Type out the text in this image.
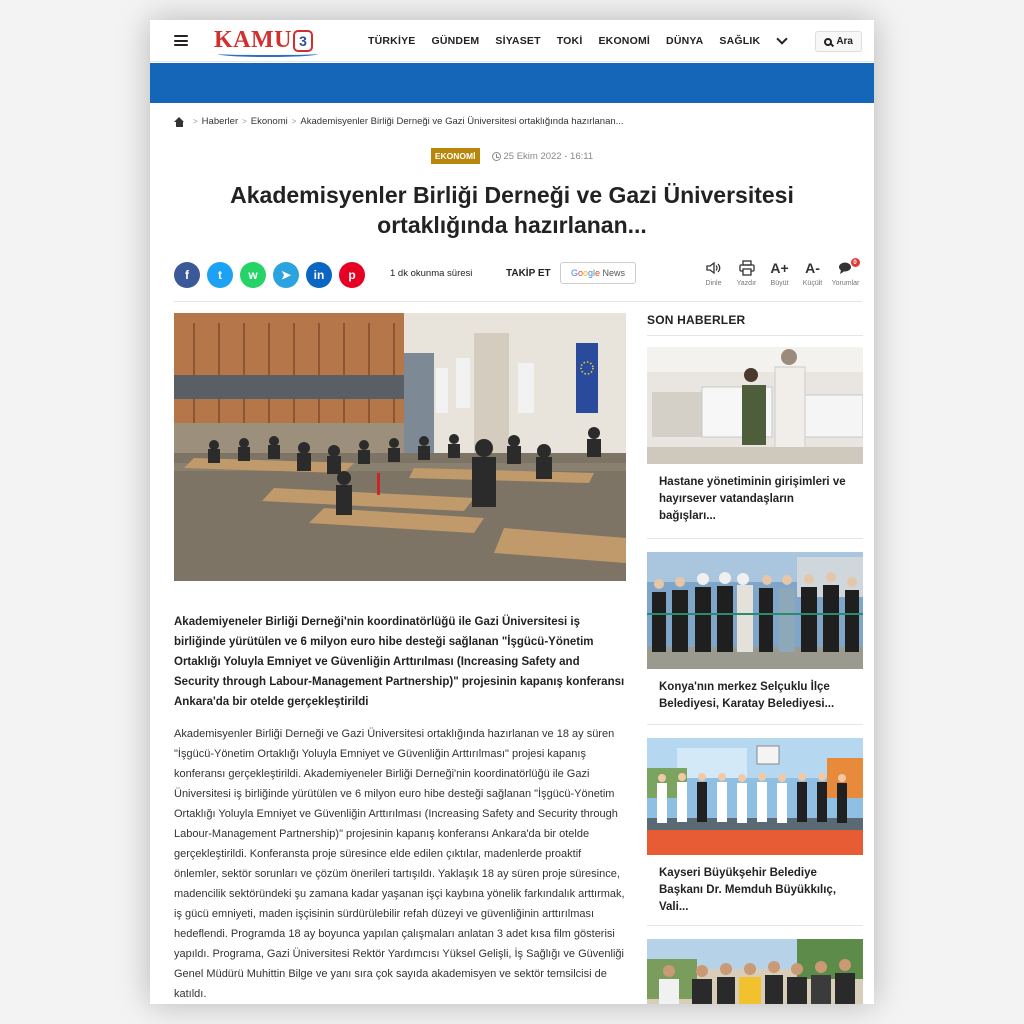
KAMU 3	TÜRKİYE GÜNDEM SİYASET TOKİ EKONOMİ DÜNYA SAĞLIK	Ara
> Haberler > Ekonomi > Akademisyenler Birliği Derneği ve Gazi Üniversitesi ortaklığında hazırlanan...
EKONOMİ	25 Ekim 2022 - 16:11
Akademisyenler Birliği Derneği ve Gazi Üniversitesi ortaklığında hazırlanan...
f	t	w	➤	in	p	1 dk okunma süresi	TAKİP ET G o o g l e News
Dinle Yazdır
A+
Büyüt
A-
Küçült
0
Yorumlar

Akademiyeneler Birliği Derneği'nin koordinatörlüğü ile Gazi Üniversitesi iş birliğinde yürütülen ve 6 milyon euro hibe desteği sağlanan "İşgücü-Yönetim Ortaklığı Yoluyla Emniyet ve Güvenliğin Arttırılması (Increasing Safety and Security through Labour-Management Partnership)" projesinin kapanış konferansı Ankara'da bir otelde gerçekleştirildi

Akademisyenler Birliği Derneği ve Gazi Üniversitesi ortaklığında hazırlanan ve 18 ay süren "İşgücü-Yönetim Ortaklığı Yoluyla Emniyet ve Güvenliğin Arttırılması" projesi kapanış konferansı gerçekleştirildi. Akademiyeneler Birliği Derneği'nin koordinatörlüğü ile Gazi Üniversitesi iş birliğinde yürütülen ve 6 milyon euro hibe desteği sağlanan "İşgücü-Yönetim Ortaklığı Yoluyla Emniyet ve Güvenliğin Arttırılması (Increasing Safety and Security through Labour-Management Partnership)" projesinin kapanış konferansı Ankara'da bir otelde gerçekleştirildi. Konferansta proje süresince elde edilen çıktılar, madenlerde proaktif önlemler, sektör sorunları ve çözüm önerileri tartışıldı. Yaklaşık 18 ay süren proje süresince, madencilik sektöründeki şu zamana kadar yaşanan işçi kaybına yönelik farkındalık arttırmak, iş gücü emniyeti, maden işçisinin sürdürülebilir refah düzeyi ve güvenliğinin arttırılması hedeflendi. Programda 18 ay boyunca yapılan çalışmaları anlatan 3 adet kısa film gösterisi yapıldı. Programa, Gazi Üniversitesi Rektör Yardımcısı Yüksel Gelişli, İş Sağlığı ve Güvenliği Genel Müdürü Muhittin Bilge ve yanı sıra çok sayıda akademisyen ve sektör temsilcisi de katıldı.

SON HABERLER
Hastane yönetiminin girişimleri ve hayırsever vatandaşların bağışları...
Konya'nın merkez Selçuklu İlçe Belediyesi, Karatay Belediyesi...
Kayseri Büyükşehir Belediye Başkanı Dr. Memduh Büyükkılıç, Vali...
